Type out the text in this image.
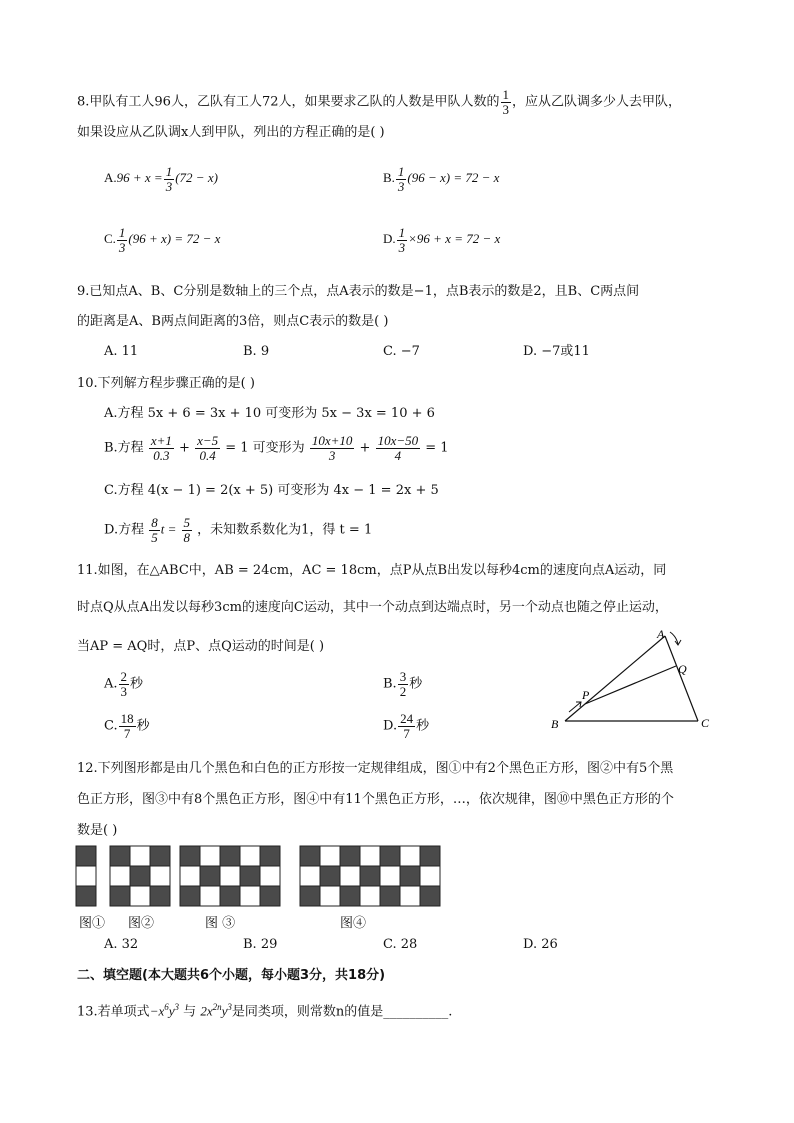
8.甲队有工人96人，乙队有工人72人，如果要求乙队的人数是甲队人数的 $\frac{1}{3}$ ，应从乙队调多少人去甲队，
如果设应从乙队调x人到甲队，列出的方程正确的是( )
$A.96 + x = \frac{1}{3} (72 - x)$	B. $\frac{1}{3} (96 - x) = 72 - x$
C. $\frac{1}{3} (96 + x) = 72 - x$	D. $\frac{1}{3} \times 96 + x = 72 - x$
9.已知点A、B、C分别是数轴上的三个点，点A表示的数是−1，点B表示的数是2，且B、C两点间
的距离是A、B两点间距离的3倍，则点C表示的数是( )
A. 11	B. 9	C. −7	D. −7或11
10.下列解方程步骤正确的是( )
A.方程 5x + 6 = 3x + 10 可变形为 5x − 3x = 10 + 6
B.方程 $\frac{x+1}{0.3} + \frac{x-5}{0.4} = 1$ 可变形为 $\frac{10x+10}{3} + \frac{10x-50}{4} = 1$
C.方程 4(x − 1) = 2(x + 5) 可变形为 4x − 1 = 2x + 5
D.方程 $\frac{8}{5}$ $t = \frac{5}{8}$ ，未知数系数化为1，得 t = 1
11.如图，在△ABC中，AB = 24cm，AC = 18cm，点P从点B出发以每秒4cm的速度向点A运动，同
时点Q从点A出发以每秒3cm的速度向C运动，其中一个动点到达端点时，另一个动点也随之停止运动，
当AP = AQ时，点P、点Q运动的时间是( )
A. $\frac{2}{3}$ 秒	B. $\frac{3}{2}$ 秒
C. $\frac{18}{7}$ 秒	D. $\frac{24}{7}$ 秒
A
B	C
P
Q
12.下列图形都是由几个黑色和白色的正方形按一定规律组成，图①中有2个黑色正方形，图②中有5个黑
色正方形，图③中有8个黑色正方形，图④中有11个黑色正方形，…，依次规律，图⑩中黑色正方形的个
数是( )
图① 图②	图 ③	图④
A. 32	B. 29	C. 28	D. 26
二、填空题(本大题共6个小题，每小题3分，共18分)
13.若单项式$-x^6y^3$ 与 $2x^{2n}y^3$是同类项，则常数n的值是__________.
